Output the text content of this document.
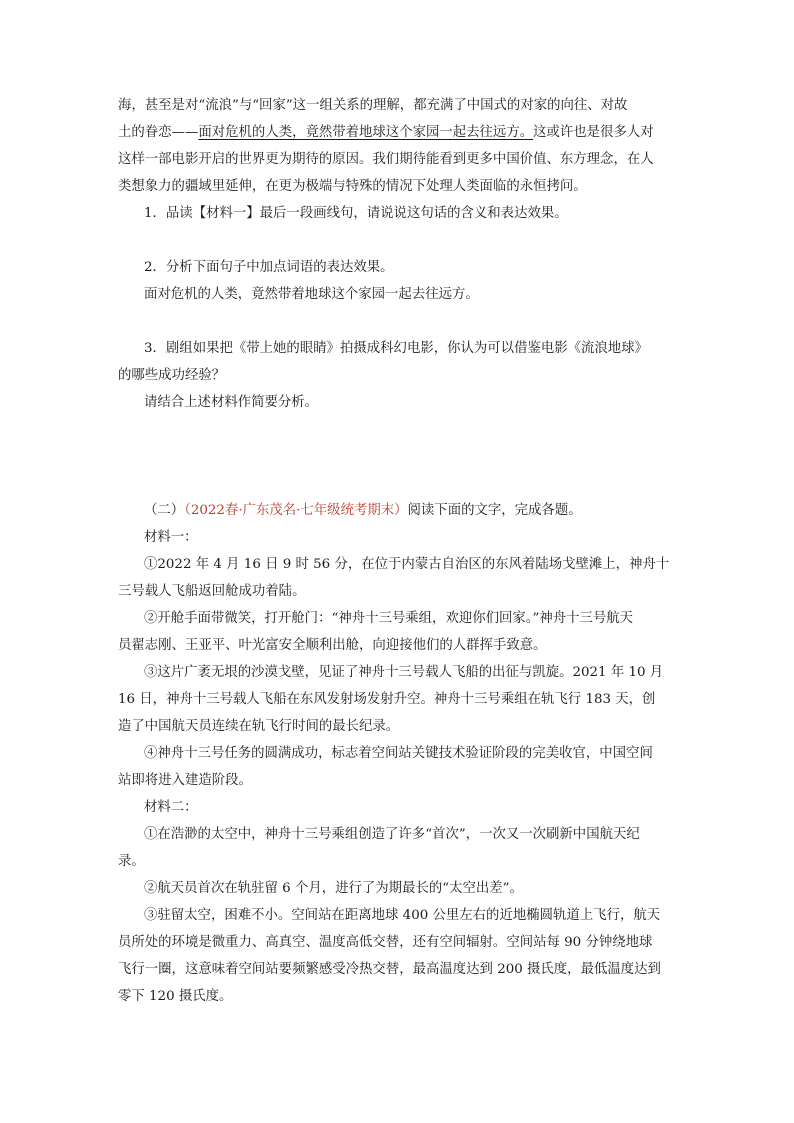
海，甚至是对“流浪”与“回家”这一组关系的理解，都充满了中国式的对家的向往、对故

土的眷恋——面对危机的人类，竟然带着地球这个家园一起去往远方。这或许也是很多人对

这样一部电影开启的世界更为期待的原因。我们期待能看到更多中国价值、东方理念，在人

类想象力的疆域里延伸，在更为极端与特殊的情况下处理人类面临的永恒拷问。

1．品读【材料一】最后一段画线句，请说说这句话的含义和表达效果。

2．分析下面句子中加点词语的表达效果。

面对危机的人类，竟然带着地球这个家园一起去往远方。

3．剧组如果把《带上她的眼睛》拍摄成科幻电影，你认为可以借鉴电影《流浪地球》

的哪些成功经验？

请结合上述材料作简要分析。

（二）（2022春·广东茂名·七年级统考期末）阅读下面的文字，完成各题。

材料一：

①2022 年 4 月 16 日 9 时 56 分，在位于内蒙古自治区的东风着陆场戈壁滩上，神舟十

三号载人飞船返回舱成功着陆。

②开舱手面带微笑，打开舱门：“神舟十三号乘组，欢迎你们回家。”神舟十三号航天

员翟志刚、王亚平、叶光富安全顺利出舱，向迎接他们的人群挥手致意。

③这片广袤无垠的沙漠戈壁，见证了神舟十三号载人飞船的出征与凯旋。2021 年 10 月

16 日，神舟十三号载人飞船在东风发射场发射升空。神舟十三号乘组在轨飞行 183 天，创

造了中国航天员连续在轨飞行时间的最长纪录。

④神舟十三号任务的圆满成功，标志着空间站关键技术验证阶段的完美收官，中国空间

站即将进入建造阶段。

材料二：

①在浩渺的太空中，神舟十三号乘组创造了许多“首次”，一次又一次刷新中国航天纪

录。

②航天员首次在轨驻留 6 个月，进行了为期最长的“太空出差”。

③驻留太空，困难不小。空间站在距离地球 400 公里左右的近地椭圆轨道上飞行，航天

员所处的环境是微重力、高真空、温度高低交替，还有空间辐射。空间站每 90 分钟绕地球

飞行一圈，这意味着空间站要频繁感受冷热交替，最高温度达到 200 摄氏度，最低温度达到

零下 120 摄氏度。
